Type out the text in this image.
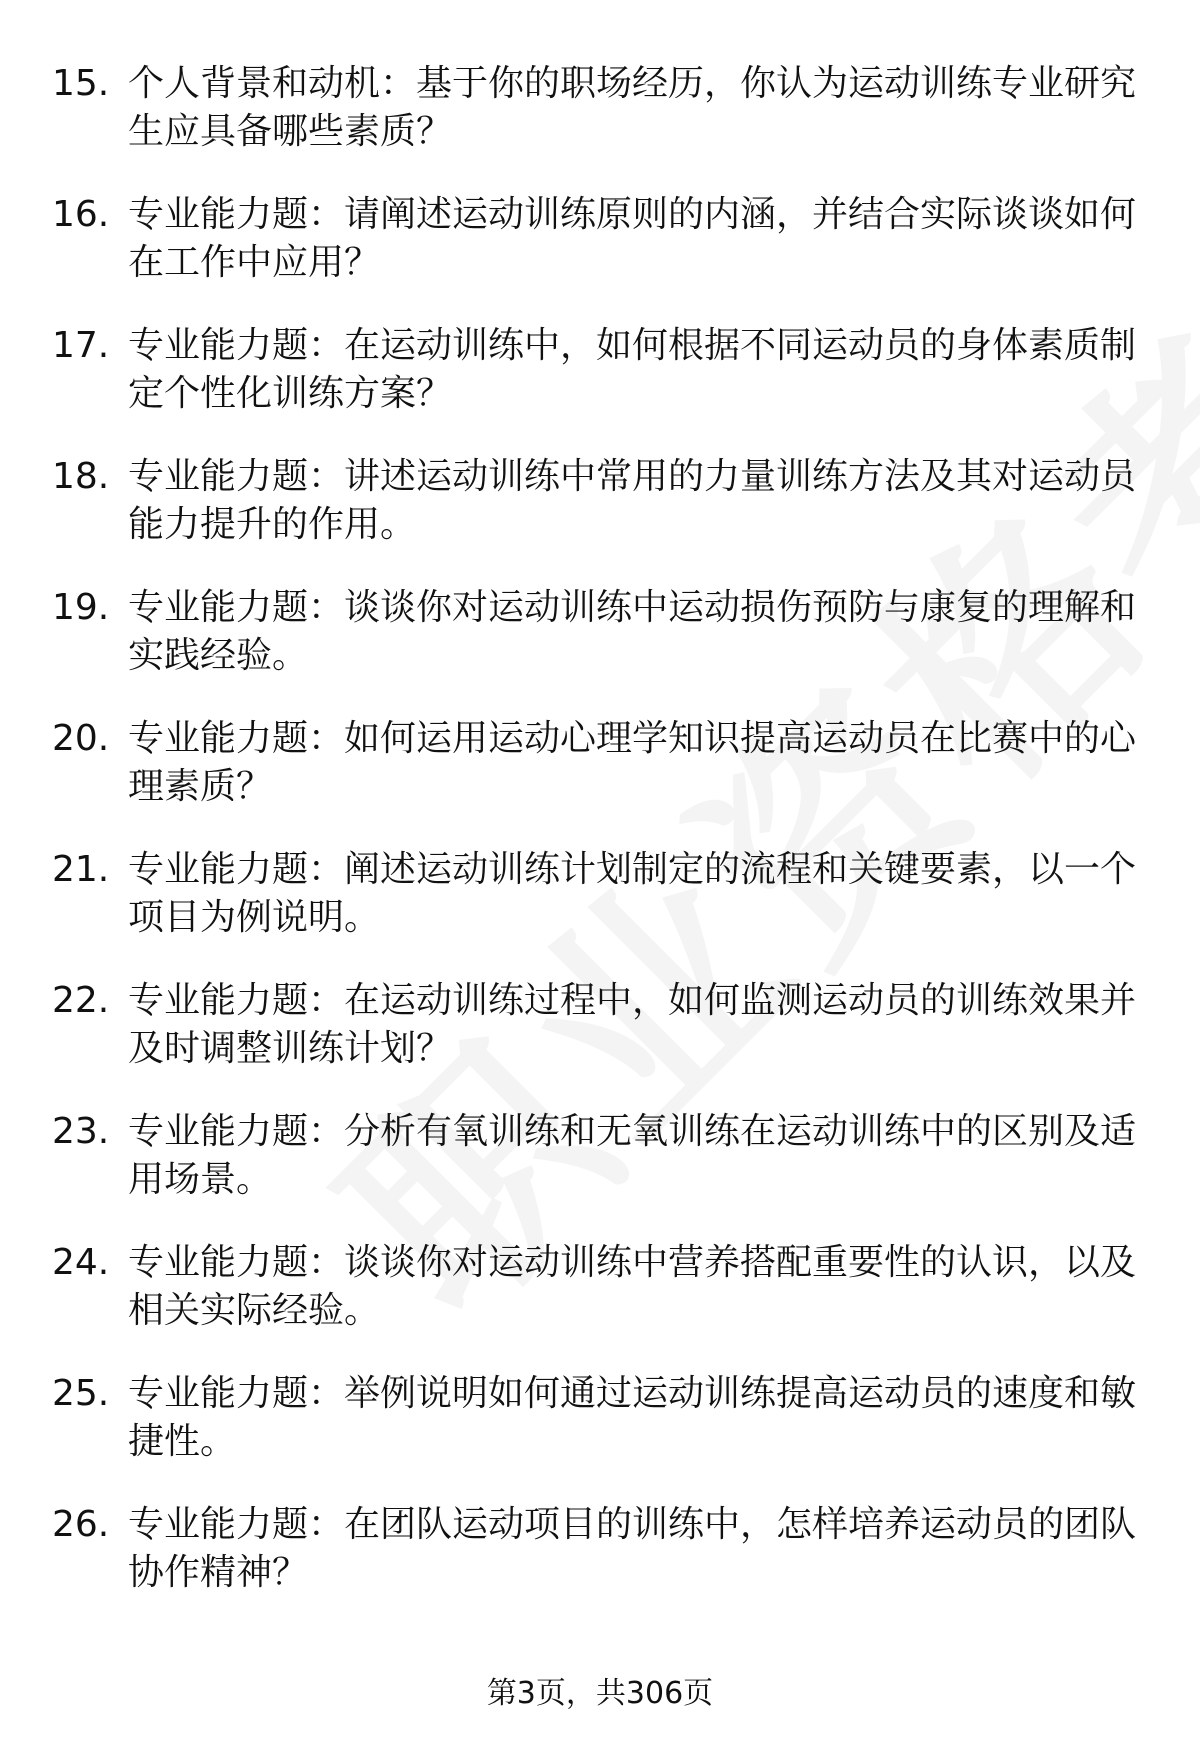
15. 个人背景和动机：基于你的职场经历，你认为运动训练专业研究生应具备哪些素质？
16. 专业能力题：请阐述运动训练原则的内涵，并结合实际谈谈如何在工作中应用？
17. 专业能力题：在运动训练中，如何根据不同运动员的身体素质制定个性化训练方案？
18. 专业能力题：讲述运动训练中常用的力量训练方法及其对运动员能力提升的作用。
19. 专业能力题：谈谈你对运动训练中运动损伤预防与康复的理解和实践经验。
20. 专业能力题：如何运用运动心理学知识提高运动员在比赛中的心理素质？
21. 专业能力题：阐述运动训练计划制定的流程和关键要素，以一个项目为例说明。
22. 专业能力题：在运动训练过程中，如何监测运动员的训练效果并及时调整训练计划？
23. 专业能力题：分析有氧训练和无氧训练在运动训练中的区别及适用场景。
24. 专业能力题：谈谈你对运动训练中营养搭配重要性的认识，以及相关实际经验。
25. 专业能力题：举例说明如何通过运动训练提高运动员的速度和敏捷性。
26. 专业能力题：在团队运动项目的训练中，怎样培养运动员的团队协作精神？
第3页，共306页
